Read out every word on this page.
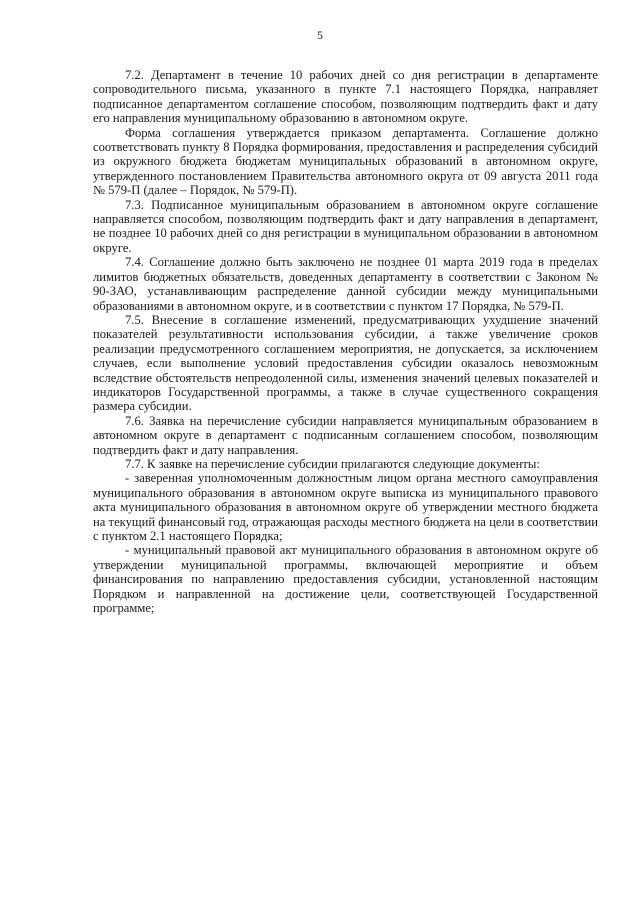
5

7.2. Департамент в течение 10 рабочих дней со дня регистрации в департаменте сопроводительного письма, указанного в пункте 7.1 настоящего Порядка, направляет подписанное департаментом соглашение способом, позволяющим подтвердить факт и дату его направления муниципальному образованию в автономном округе.

Форма соглашения утверждается приказом департамента. Соглашение должно соответствовать пункту 8 Порядка формирования, предоставления и распределения субсидий из окружного бюджета бюджетам муниципальных образований в автономном округе, утвержденного постановлением Правительства автономного округа от 09 августа 2011 года № 579-П (далее – Порядок, № 579-П).

7.3. Подписанное муниципальным образованием в автономном округе соглашение направляется способом, позволяющим подтвердить факт и дату направления в департамент, не позднее 10 рабочих дней со дня регистрации в муниципальном образовании в автономном округе.

7.4. Соглашение должно быть заключено не позднее 01 марта 2019 года в пределах лимитов бюджетных обязательств, доведенных департаменту в соответствии с Законом № 90-ЗАО, устанавливающим распределение данной субсидии между муниципальными образованиями в автономном округе, и в соответствии с пунктом 17 Порядка, № 579-П.

7.5. Внесение в соглашение изменений, предусматривающих ухудшение значений показателей результативности использования субсидии, а также увеличение сроков реализации предусмотренного соглашением мероприятия, не допускается, за исключением случаев, если выполнение условий предоставления субсидии оказалось невозможным вследствие обстоятельств непреодоленной силы, изменения значений целевых показателей и индикаторов Государственной программы, а также в случае существенного сокращения размера субсидии.

7.6. Заявка на перечисление субсидии направляется муниципальным образованием в автономном округе в департамент с подписанным соглашением способом, позволяющим подтвердить факт и дату направления.

7.7. К заявке на перечисление субсидии прилагаются следующие документы:

- заверенная уполномоченным должностным лицом органа местного самоуправления муниципального образования в автономном округе выписка из муниципального правового акта муниципального образования в автономном округе об утверждении местного бюджета на текущий финансовый год, отражающая расходы местного бюджета на цели в соответствии с пунктом 2.1 настоящего Порядка;

- муниципальный правовой акт муниципального образования в автономном округе об утверждении муниципальной программы, включающей мероприятие и объем финансирования по направлению предоставления субсидии, установленной настоящим Порядком и направленной на достижение цели, соответствующей Государственной программе;
